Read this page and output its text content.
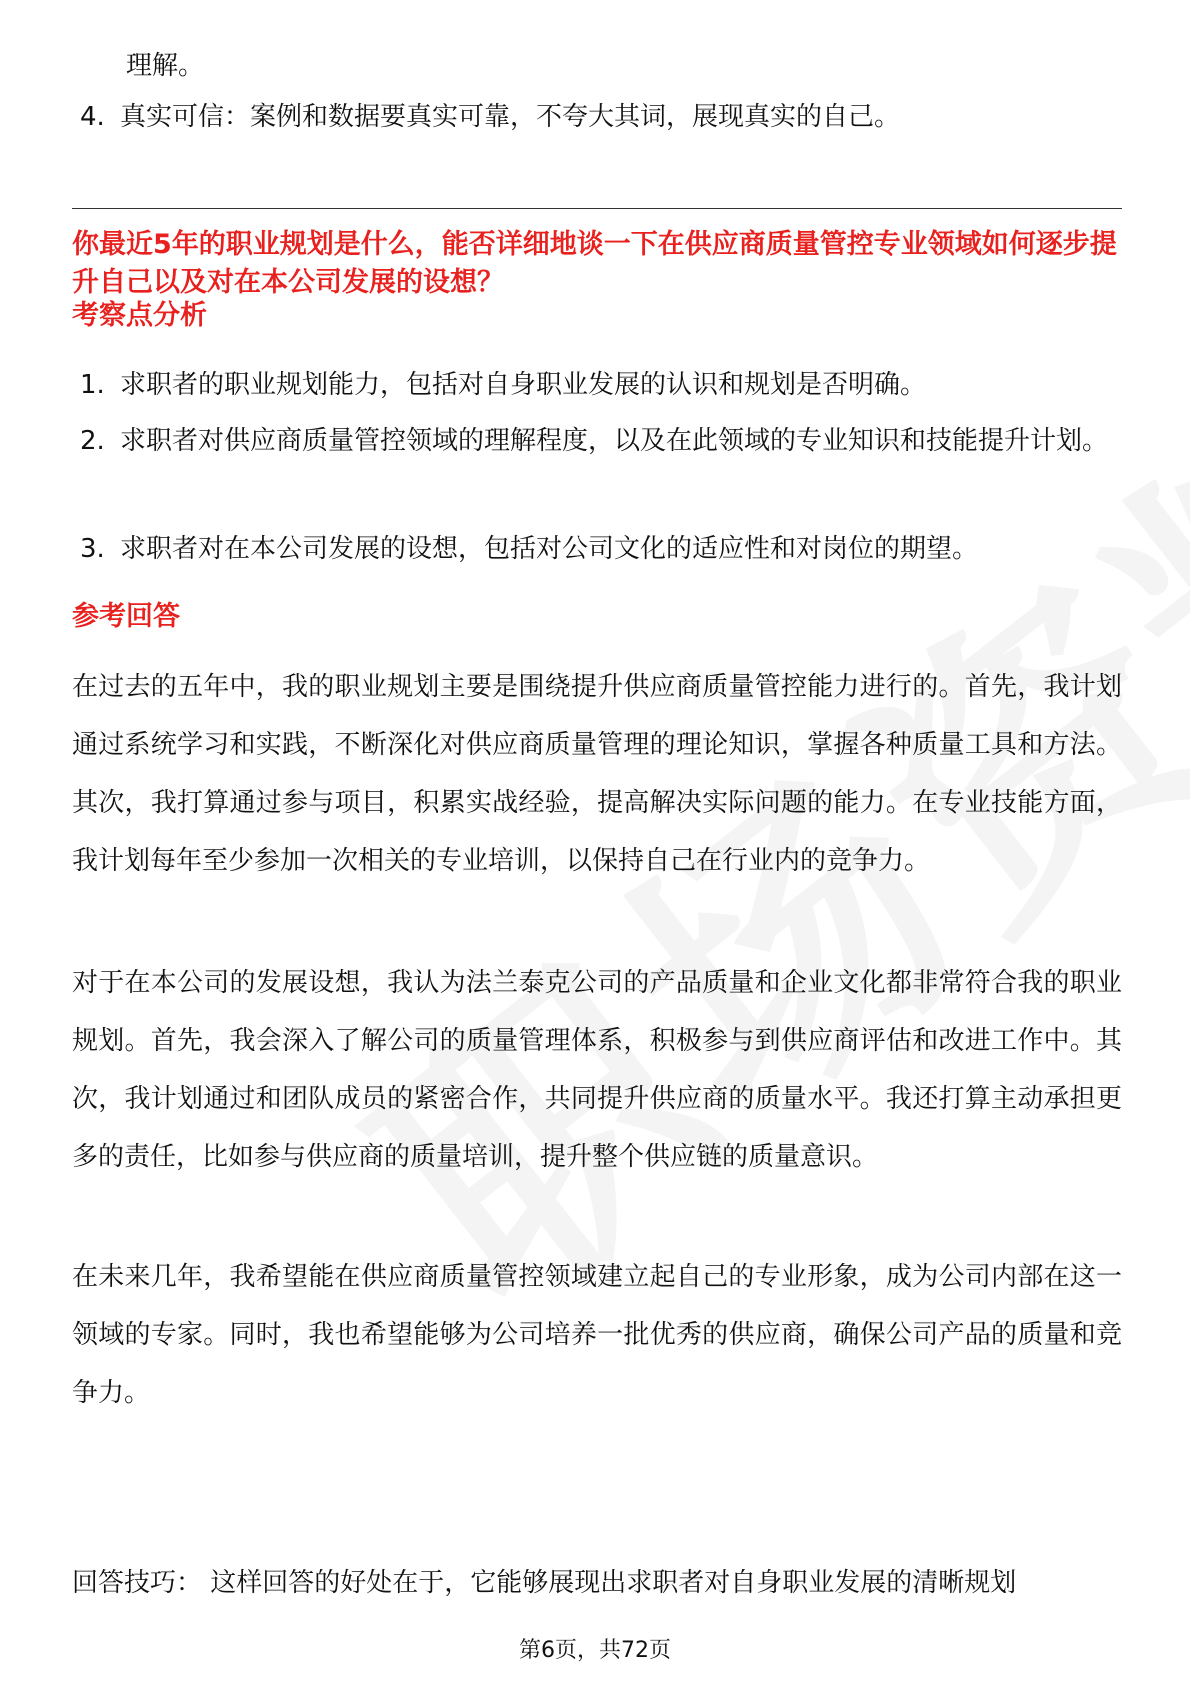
理解。
4. 真实可信：案例和数据要真实可靠，不夸大其词，展现真实的自己。
你最近5年的职业规划是什么，能否详细地谈一下在供应商质量管控专业领域如何逐步提升自己以及对在本公司发展的设想？
考察点分析
1. 求职者的职业规划能力，包括对自身职业发展的认识和规划是否明确。
2. 求职者对供应商质量管控领域的理解程度，以及在此领域的专业知识和技能提升计划。
3. 求职者对在本公司发展的设想，包括对公司文化的适应性和对岗位的期望。
参考回答
在过去的五年中，我的职业规划主要是围绕提升供应商质量管控能力进行的。首先，我计划通过系统学习和实践，不断深化对供应商质量管理的理论知识，掌握各种质量工具和方法。其次，我打算通过参与项目，积累实战经验，提高解决实际问题的能力。在专业技能方面，我计划每年至少参加一次相关的专业培训，以保持自己在行业内的竞争力。
对于在本公司的发展设想，我认为法兰泰克公司的产品质量和企业文化都非常符合我的职业规划。首先，我会深入了解公司的质量管理体系，积极参与到供应商评估和改进工作中。其次，我计划通过和团队成员的紧密合作，共同提升供应商的质量水平。我还打算主动承担更多的责任，比如参与供应商的质量培训，提升整个供应链的质量意识。
在未来几年，我希望能在供应商质量管控领域建立起自己的专业形象，成为公司内部在这一领域的专家。同时，我也希望能够为公司培养一批优秀的供应商，确保公司产品的质量和竞争力。
回答技巧： 这样回答的好处在于，它能够展现出求职者对自身职业发展的清晰规划
第6页，共72页
